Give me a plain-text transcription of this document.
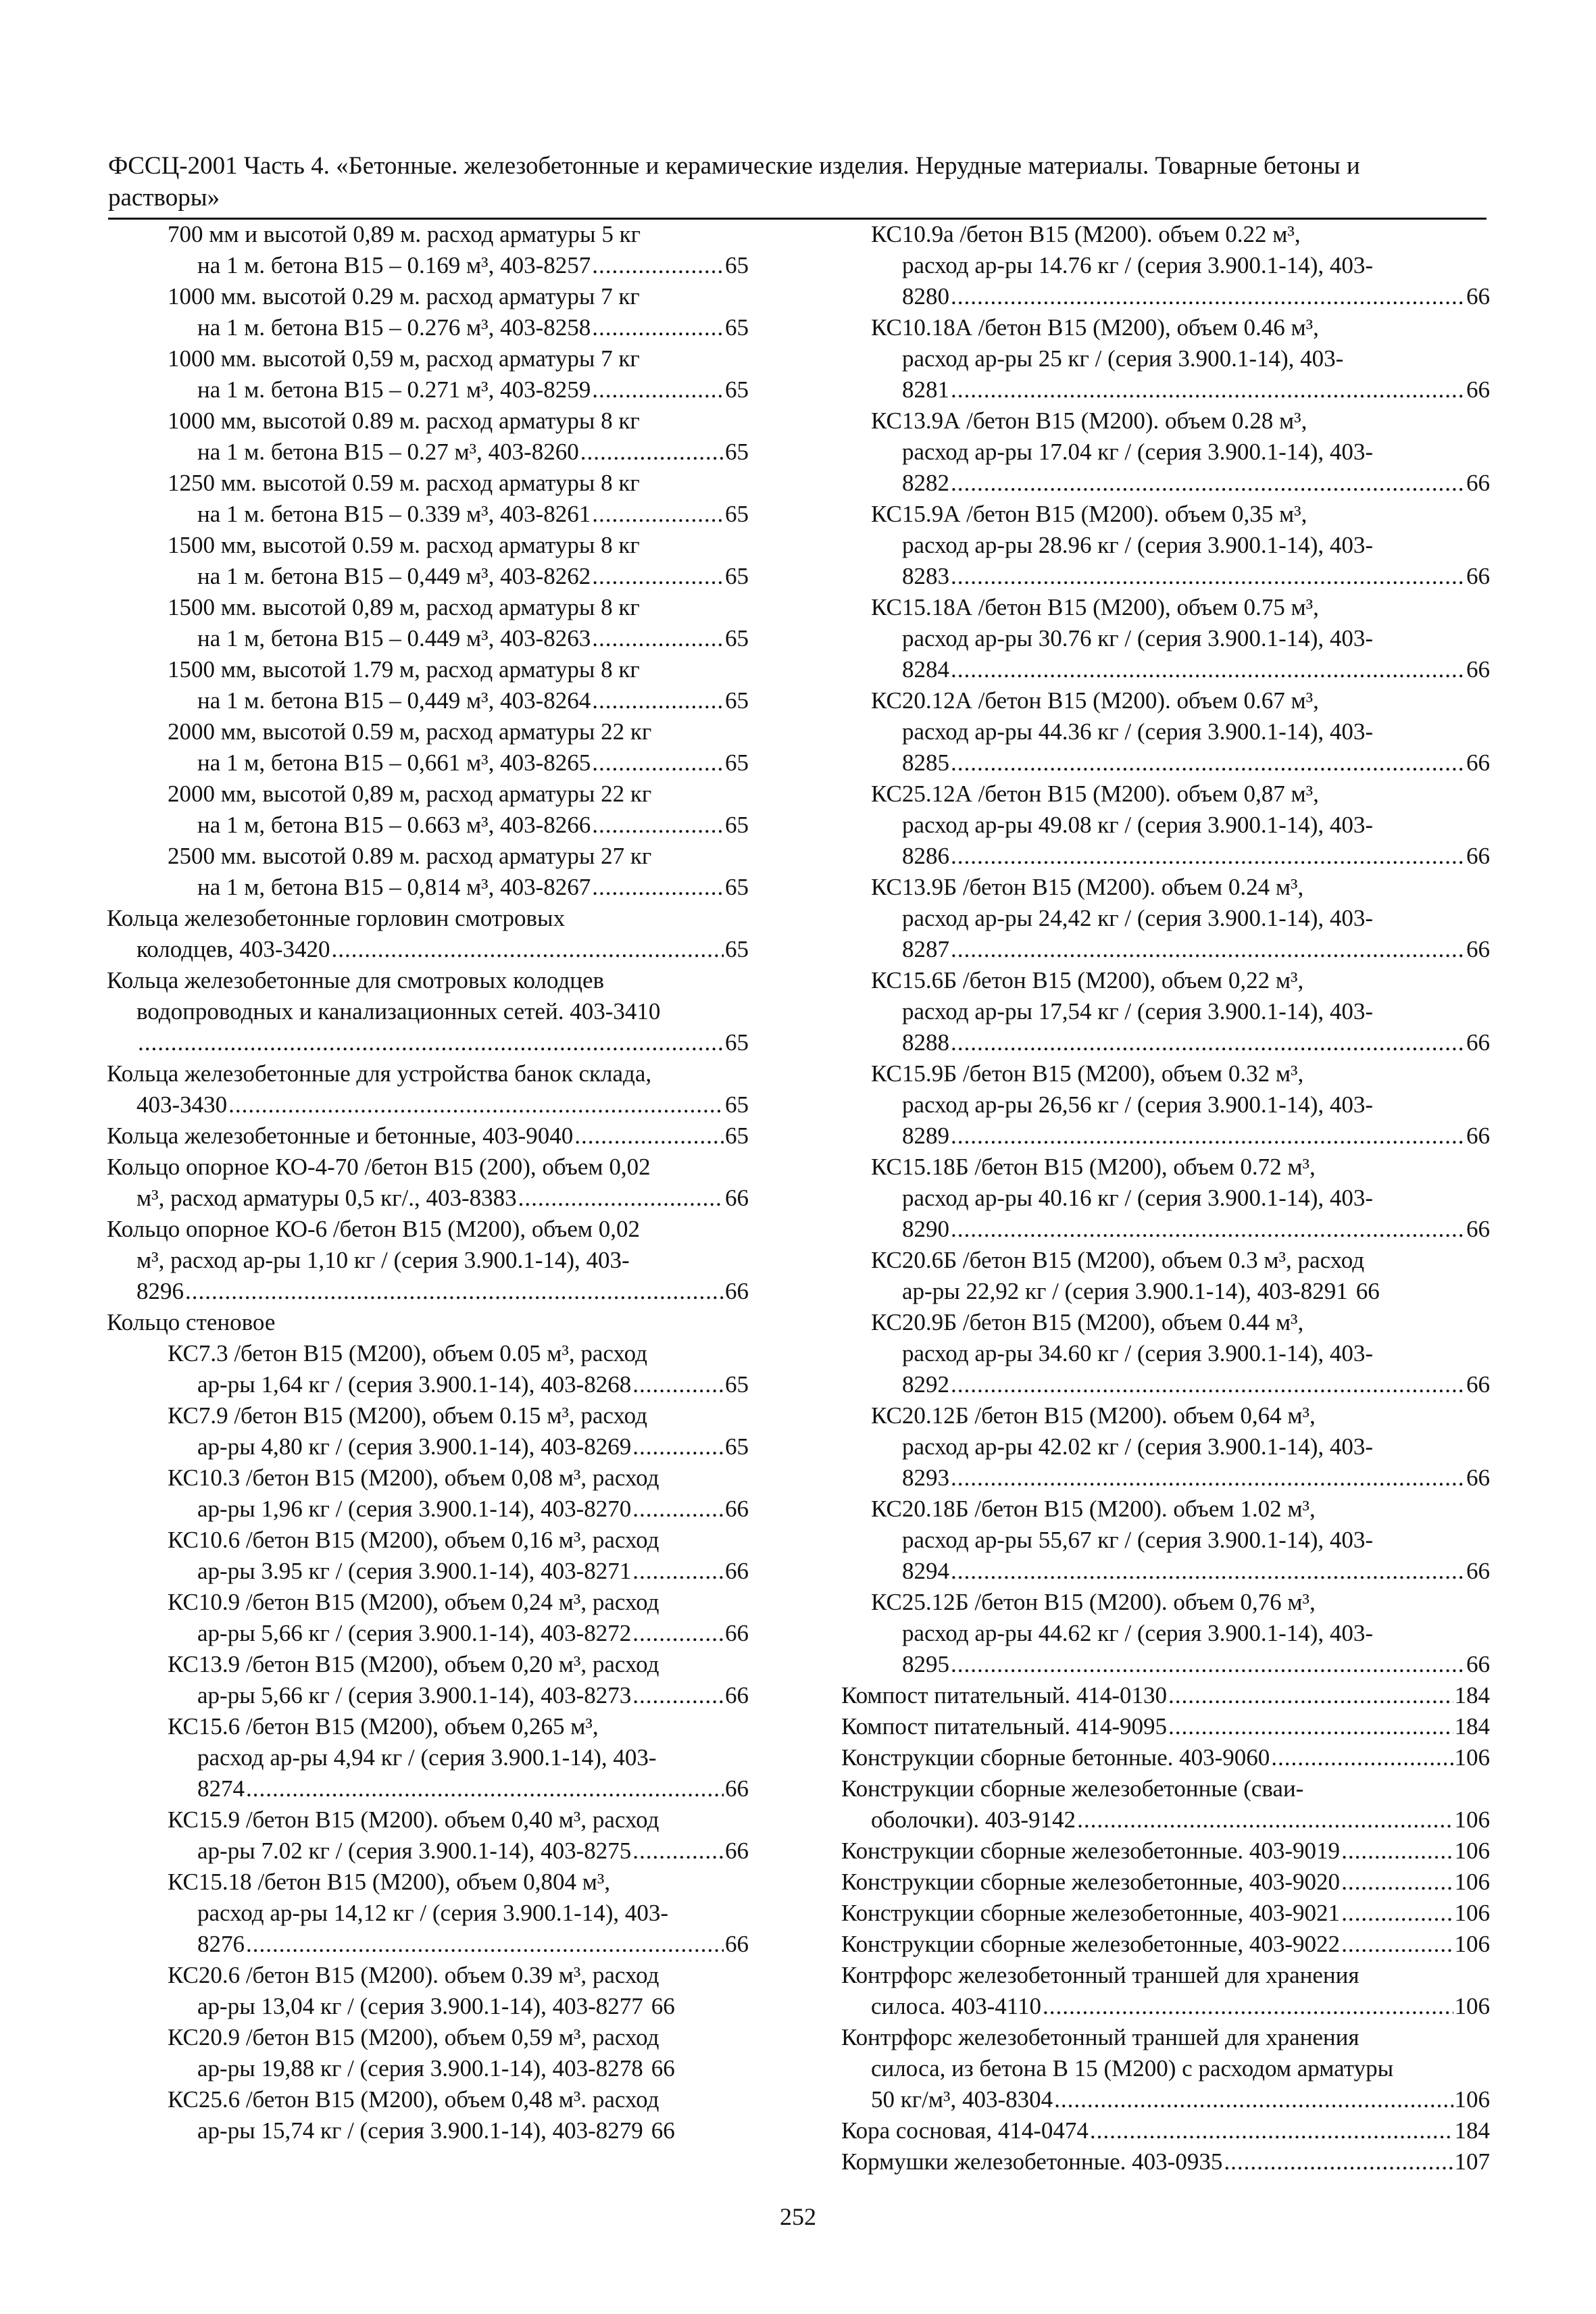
ФССЦ-2001 Часть 4. «Бетонные. железобетонные и керамические изделия. Нерудные материалы. Товарные бетоны и
растворы»
700 мм и высотой 0,89 м. расход арматуры 5 кг
на 1 м. бетона В15 – 0.169 м³, 403-8257 .....	65
1000 мм. высотой 0.29 м. расход арматуры 7 кг
на 1 м. бетона В15 – 0.276 м³, 403-8258 .....	65
1000 мм. высотой 0,59 м, расход арматуры 7 кг
на 1 м. бетона В15 – 0.271 м³, 403-8259 .....	65
1000 мм, высотой 0.89 м. расход арматуры 8 кг
на 1 м. бетона В15 – 0.27 м³, 403-8260 .....	65
1250 мм. высотой 0.59 м. расход арматуры 8 кг
на 1 м. бетона В15 – 0.339 м³, 403-8261 .....	65
1500 мм, высотой 0.59 м. расход арматуры 8 кг
на 1 м. бетона В15 – 0,449 м³, 403-8262 .....	65
1500 мм. высотой 0,89 м, расход арматуры 8 кг
на 1 м, бетона В15 – 0.449 м³, 403-8263 .....	65
1500 мм, высотой 1.79 м, расход арматуры 8 кг
на 1 м. бетона В15 – 0,449 м³, 403-8264 .....	65
2000 мм, высотой 0.59 м, расход арматуры 22 кг
на 1 м, бетона В15 – 0,661 м³, 403-8265 .....	65
2000 мм, высотой 0,89 м, расход арматуры 22 кг
на 1 м, бетона В15 – 0.663 м³, 403-8266 .....	65
2500 мм. высотой 0.89 м. расход арматуры 27 кг
на 1 м, бетона В15 – 0,814 м³, 403-8267 .....	65
Кольца железобетонные горловин смотровых
колодцев, 403-3420 .....	65
Кольца железобетонные для смотровых колодцев
водопроводных и канализационных сетей. 403-3410
.....
65
Кольца железобетонные для устройства банок склада,
403-3430 .....	65
Кольца железобетонные и бетонные, 403-9040 .....	65
Кольцо опорное КО-4-70 /бетон В15 (200), объем 0,02
м³, расход арматуры 0,5 кг/., 403-8383 .....	66
Кольцо опорное КО-6 /бетон В15 (М200), объем 0,02
м³, расход ар-ры 1,10 кг / (серия 3.900.1-14), 403-
8296 .....	66
Кольцо стеновое
КС7.3 /бетон В15 (М200), объем 0.05 м³, расход
ар-ры 1,64 кг / (серия 3.900.1-14), 403-8268 .....	65
КС7.9 /бетон В15 (М200), объем 0.15 м³, расход
ар-ры 4,80 кг / (серия 3.900.1-14), 403-8269 .....	65
КС10.3 /бетон В15 (М200), объем 0,08 м³, расход
ар-ры 1,96 кг / (серия 3.900.1-14), 403-8270 .....	66
КС10.6 /бетон В15 (М200), объем 0,16 м³, расход
ар-ры 3.95 кг / (серия 3.900.1-14), 403-8271 .....	66
КС10.9 /бетон В15 (М200), объем 0,24 м³, расход
ар-ры 5,66 кг / (серия 3.900.1-14), 403-8272 .....	66
КС13.9 /бетон В15 (М200), объем 0,20 м³, расход
ар-ры 5,66 кг / (серия 3.900.1-14), 403-8273 .....	66
КС15.6 /бетон В15 (М200), объем 0,265 м³,
расход ар-ры 4,94 кг / (серия 3.900.1-14), 403-
8274 .....	66
КС15.9 /бетон В15 (М200). объем 0,40 м³, расход
ар-ры 7.02 кг / (серия 3.900.1-14), 403-8275 .....	66
КС15.18 /бетон В15 (М200), объем 0,804 м³,
расход ар-ры 14,12 кг / (серия 3.900.1-14), 403-
8276 .....	66
КС20.6 /бетон В15 (М200). объем 0.39 м³, расход
ар-ры 13,04 кг / (серия 3.900.1-14), 403-8277 66
КС20.9 /бетон В15 (М200), объем 0,59 м³, расход
ар-ры 19,88 кг / (серия 3.900.1-14), 403-8278 66
КС25.6 /бетон В15 (М200), объем 0,48 м³. расход
ар-ры 15,74 кг / (серия 3.900.1-14), 403-8279 66
КС10.9а /бетон В15 (М200). объем 0.22 м³,
расход ар-ры 14.76 кг / (серия 3.900.1-14), 403-
8280 .....	66
КС10.18А /бетон В15 (М200), объем 0.46 м³,
расход ар-ры 25 кг / (серия 3.900.1-14), 403-
8281 .....	66
КС13.9А /бетон В15 (М200). объем 0.28 м³,
расход ар-ры 17.04 кг / (серия 3.900.1-14), 403-
8282 .....	66
КС15.9А /бетон В15 (М200). объем 0,35 м³,
расход ар-ры 28.96 кг / (серия 3.900.1-14), 403-
8283 .....	66
КС15.18А /бетон В15 (М200), объем 0.75 м³,
расход ар-ры 30.76 кг / (серия 3.900.1-14), 403-
8284 .....	66
КС20.12А /бетон В15 (М200). объем 0.67 м³,
расход ар-ры 44.36 кг / (серия 3.900.1-14), 403-
8285 .....	66
КС25.12А /бетон В15 (М200). объем 0,87 м³,
расход ар-ры 49.08 кг / (серия 3.900.1-14), 403-
8286 .....	66
КС13.9Б /бетон В15 (М200). объем 0.24 м³,
расход ар-ры 24,42 кг / (серия 3.900.1-14), 403-
8287 .....	66
КС15.6Б /бетон В15 (М200), объем 0,22 м³,
расход ар-ры 17,54 кг / (серия 3.900.1-14), 403-
8288 .....	66
КС15.9Б /бетон В15 (М200), объем 0.32 м³,
расход ар-ры 26,56 кг / (серия 3.900.1-14), 403-
8289 .....	66
КС15.18Б /бетон В15 (М200), объем 0.72 м³,
расход ар-ры 40.16 кг / (серия 3.900.1-14), 403-
8290 .....	66
КС20.6Б /бетон В15 (М200), объем 0.3 м³, расход
ар-ры 22,92 кг / (серия 3.900.1-14), 403-8291 66
КС20.9Б /бетон В15 (М200), объем 0.44 м³,
расход ар-ры 34.60 кг / (серия 3.900.1-14), 403-
8292 .....	66
КС20.12Б /бетон В15 (М200). объем 0,64 м³,
расход ар-ры 42.02 кг / (серия 3.900.1-14), 403-
8293 .....	66
КС20.18Б /бетон В15 (М200). объем 1.02 м³,
расход ар-ры 55,67 кг / (серия 3.900.1-14), 403-
8294 .....	66
КС25.12Б /бетон В15 (М200). объем 0,76 м³,
расход ар-ры 44.62 кг / (серия 3.900.1-14), 403-
8295 .....	66
Компост питательный. 414-0130 .....	184
Компост питательный. 414-9095 .....	184
Конструкции сборные бетонные. 403-9060 .....	106
Конструкции сборные железобетонные (сваи-
оболочки). 403-9142 .....	106
Конструкции сборные железобетонные. 403-9019 .....	106
Конструкции сборные железобетонные, 403-9020 .....	106
Конструкции сборные железобетонные, 403-9021 .....	106
Конструкции сборные железобетонные, 403-9022 .....	106
Контрфорс железобетонный траншей для хранения
силоса. 403-4110 .....	106
Контрфорс железобетонный траншей для хранения
силоса, из бетона В 15 (М200) с расходом арматуры
50 кг/м³, 403-8304 .....	106
Кора сосновая, 414-0474 .....	184
Кормушки железобетонные. 403-0935 .....	107
252
